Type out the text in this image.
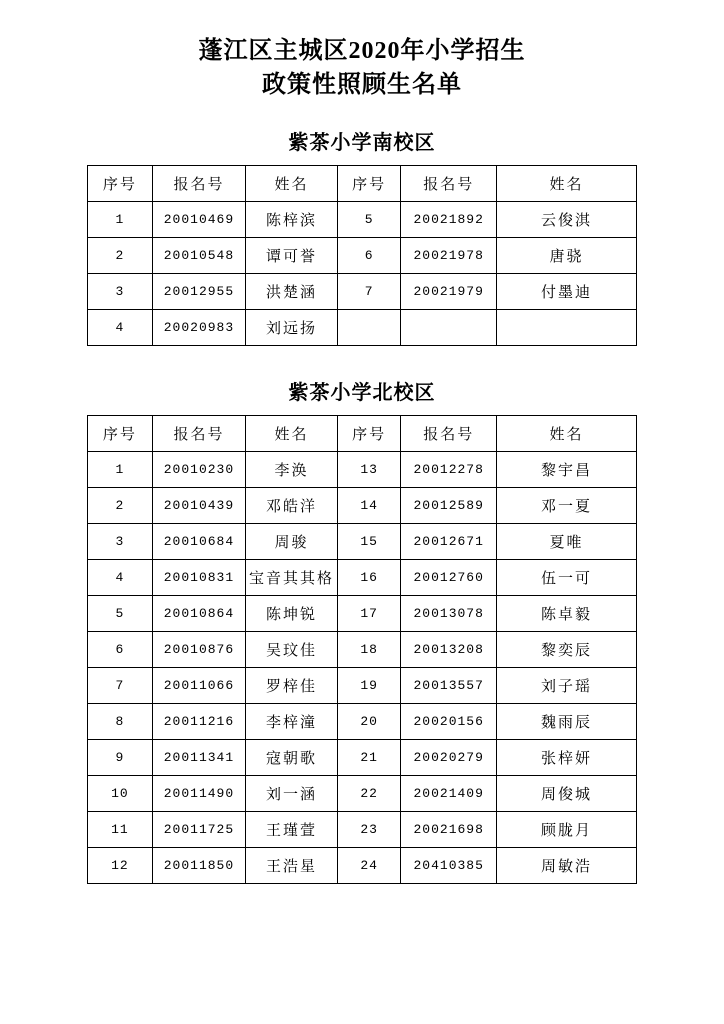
蓬江区主城区2020年小学招生
政策性照顾生名单
紫茶小学南校区
序号	报名号	姓名	序号	报名号	姓名
1	20010469	陈梓滨	5	20021892	云俊淇
2	20010548	谭可誉	6	20021978	唐骁
3	20012955	洪楚涵	7	20021979	付墨迪
4	20020983	刘远扬			
紫茶小学北校区
序号	报名号	姓名	序号	报名号	姓名
1	20010230	李涣	13	20012278	黎宇昌
2	20010439	邓皓洋	14	20012589	邓一夏
3	20010684	周骏	15	20012671	夏唯
4	20010831	宝音其其格	16	20012760	伍一可
5	20010864	陈坤锐	17	20013078	陈卓毅
6	20010876	吴玟佳	18	20013208	黎奕辰
7	20011066	罗梓佳	19	20013557	刘子瑶
8	20011216	李梓潼	20	20020156	魏雨辰
9	20011341	寇朝歌	21	20020279	张梓妍
10	20011490	刘一涵	22	20021409	周俊城
11	20011725	王瑾萱	23	20021698	顾胧月
12	20011850	王浩星	24	20410385	周敏浩
